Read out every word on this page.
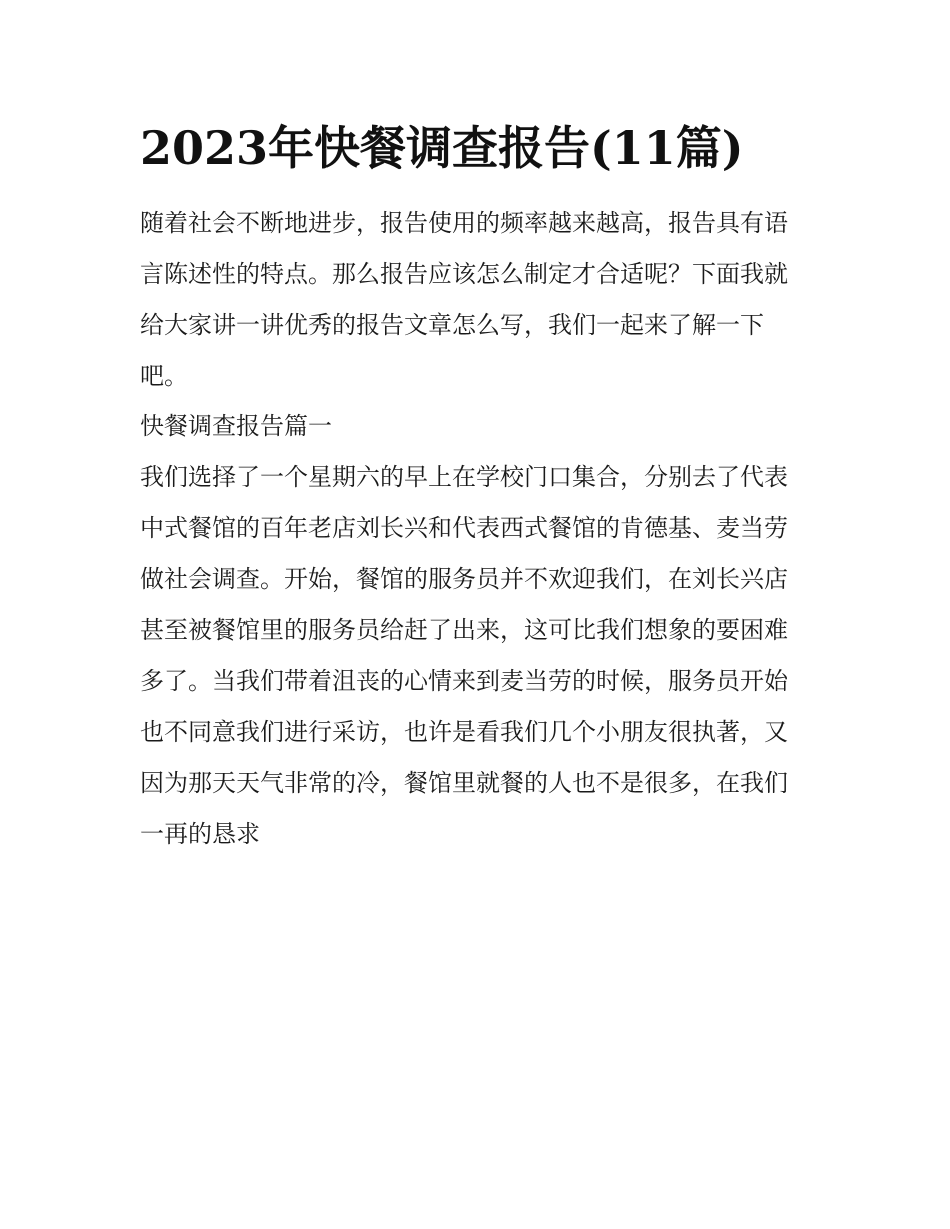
2023年快餐调查报告(11篇)

随着社会不断地进步，报告使用的频率越来越高，报告具有语

言陈述性的特点。那么报告应该怎么制定才合适呢？下面我就

给大家讲一讲优秀的报告文章怎么写，我们一起来了解一下

吧。

快餐调查报告篇一

我们选择了一个星期六的早上在学校门口集合，分别去了代表

中式餐馆的百年老店刘长兴和代表西式餐馆的肯德基、麦当劳

做社会调查。开始，餐馆的服务员并不欢迎我们，在刘长兴店

甚至被餐馆里的服务员给赶了出来，这可比我们想象的要困难

多了。当我们带着沮丧的心情来到麦当劳的时候，服务员开始

也不同意我们进行采访，也许是看我们几个小朋友很执著，又

因为那天天气非常的冷，餐馆里就餐的人也不是很多，在我们

一再的恳求
